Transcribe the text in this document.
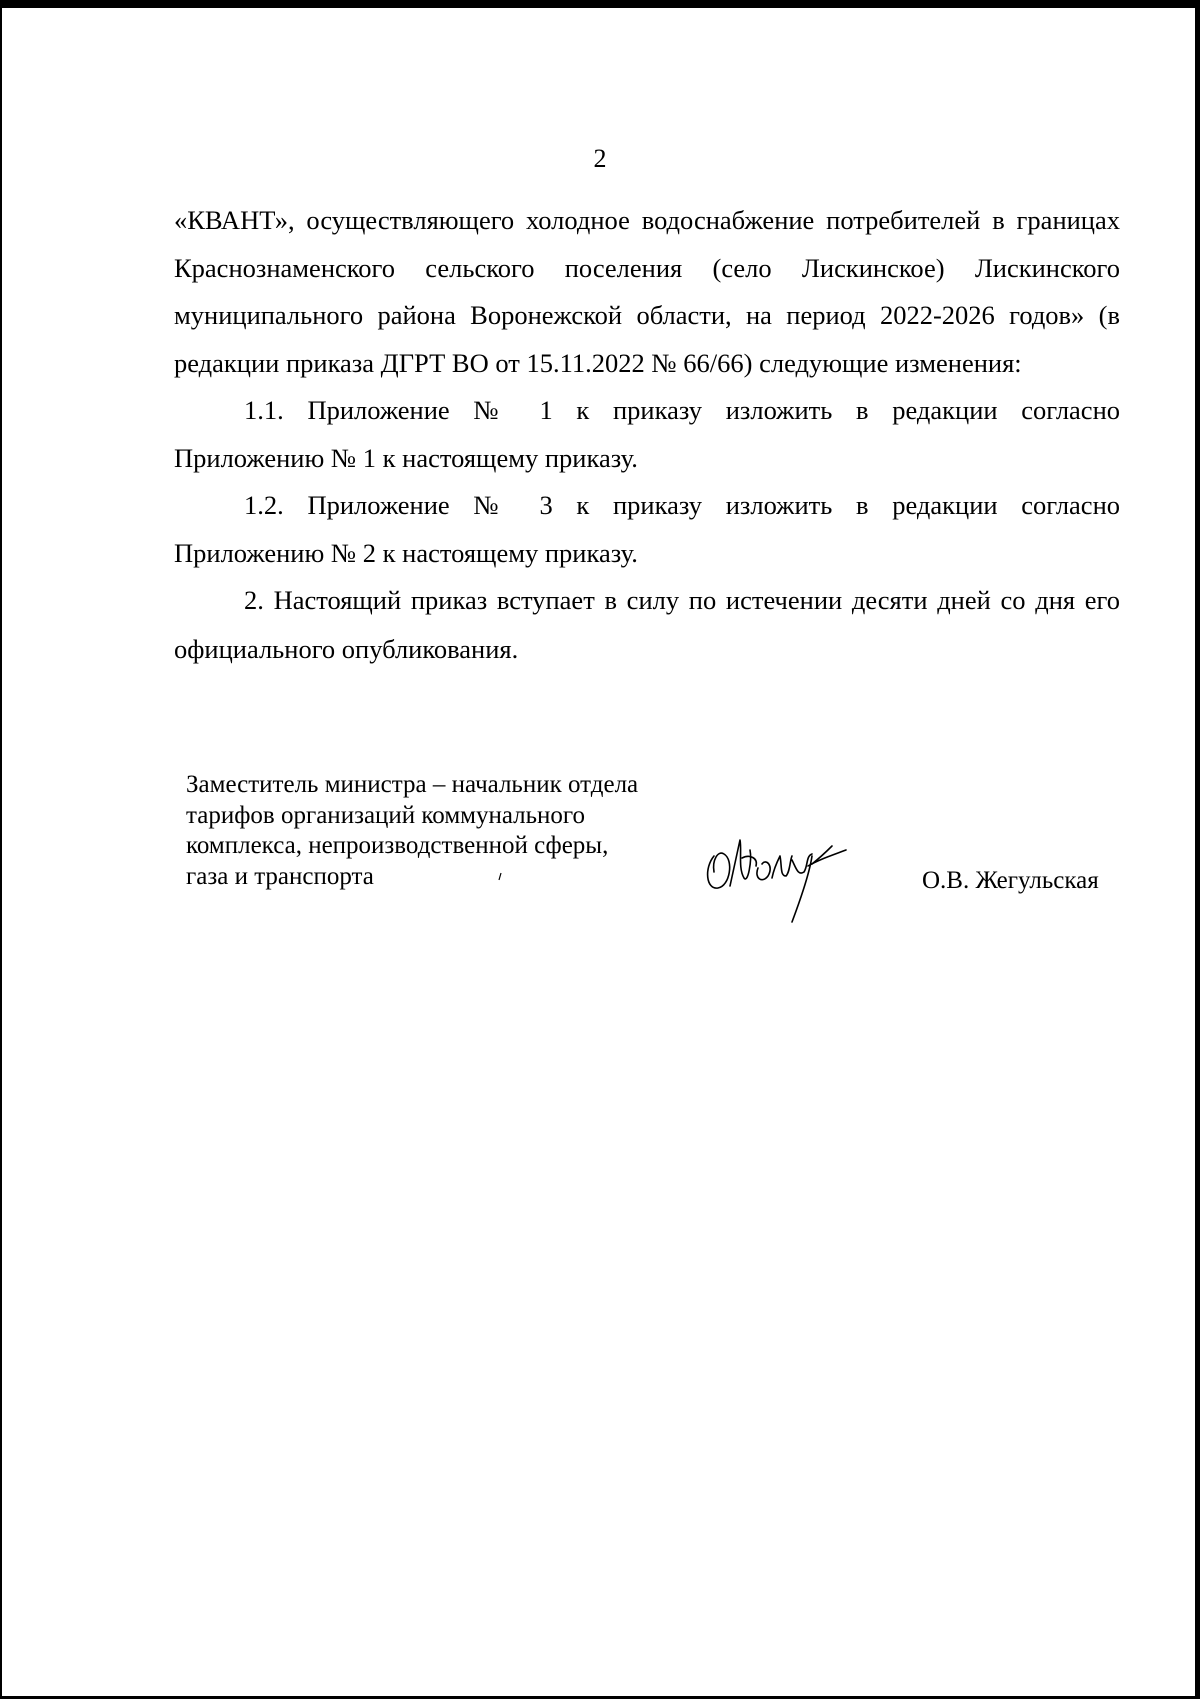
2
«КВАНТ», осуществляющего холодное водоснабжение потребителей в границах
Краснознаменского сельского поселения (село Лискинское) Лискинского
муниципального района Воронежской области, на период 2022-2026 годов» (в
редакции приказа ДГРТ ВО от 15.11.2022 № 66/66) следующие изменения:
1.1. Приложение № 1 к приказу изложить в редакции согласно
Приложению № 1 к настоящему приказу.
1.2. Приложение № 3 к приказу изложить в редакции согласно
Приложению № 2 к настоящему приказу.
2. Настоящий приказ вступает в силу по истечении десяти дней со дня его
официального опубликования.
Заместитель министра – начальник отдела
тарифов организаций коммунального
комплекса, непроизводственной сферы,
газа и транспорта	О.В. Жегульская
